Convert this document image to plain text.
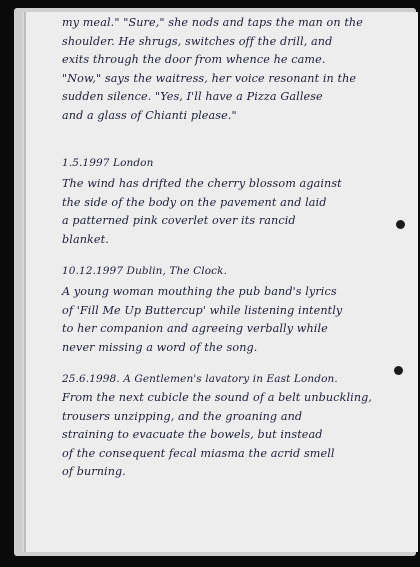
my meal." "Sure," she nods and taps the man on the
shoulder. He shrugs, switches off the drill, and
exits through the door from whence he came.
"Now," says the waitress, her voice resonant in the
sudden silence. "Yes, I'll have a Pizza Gallese
and a glass of Chianti please."
1.5.1997 London
The wind has drifted the cherry blossom against
the side of the body on the pavement and laid
a patterned pink coverlet over its rancid
blanket.
10.12.1997 Dublin, The Clock.
A young woman mouthing the pub band's lyrics
of 'Fill Me Up Buttercup' while listening intently
to her companion and agreeing verbally while
never missing a word of the song.
25.6.1998. A Gentlemen's lavatory in East London.
From the next cubicle the sound of a belt unbuckling,
trousers unzipping, and the groaning and
straining to evacuate the bowels, but instead
of the consequent fecal miasma the acrid smell
of burning.
